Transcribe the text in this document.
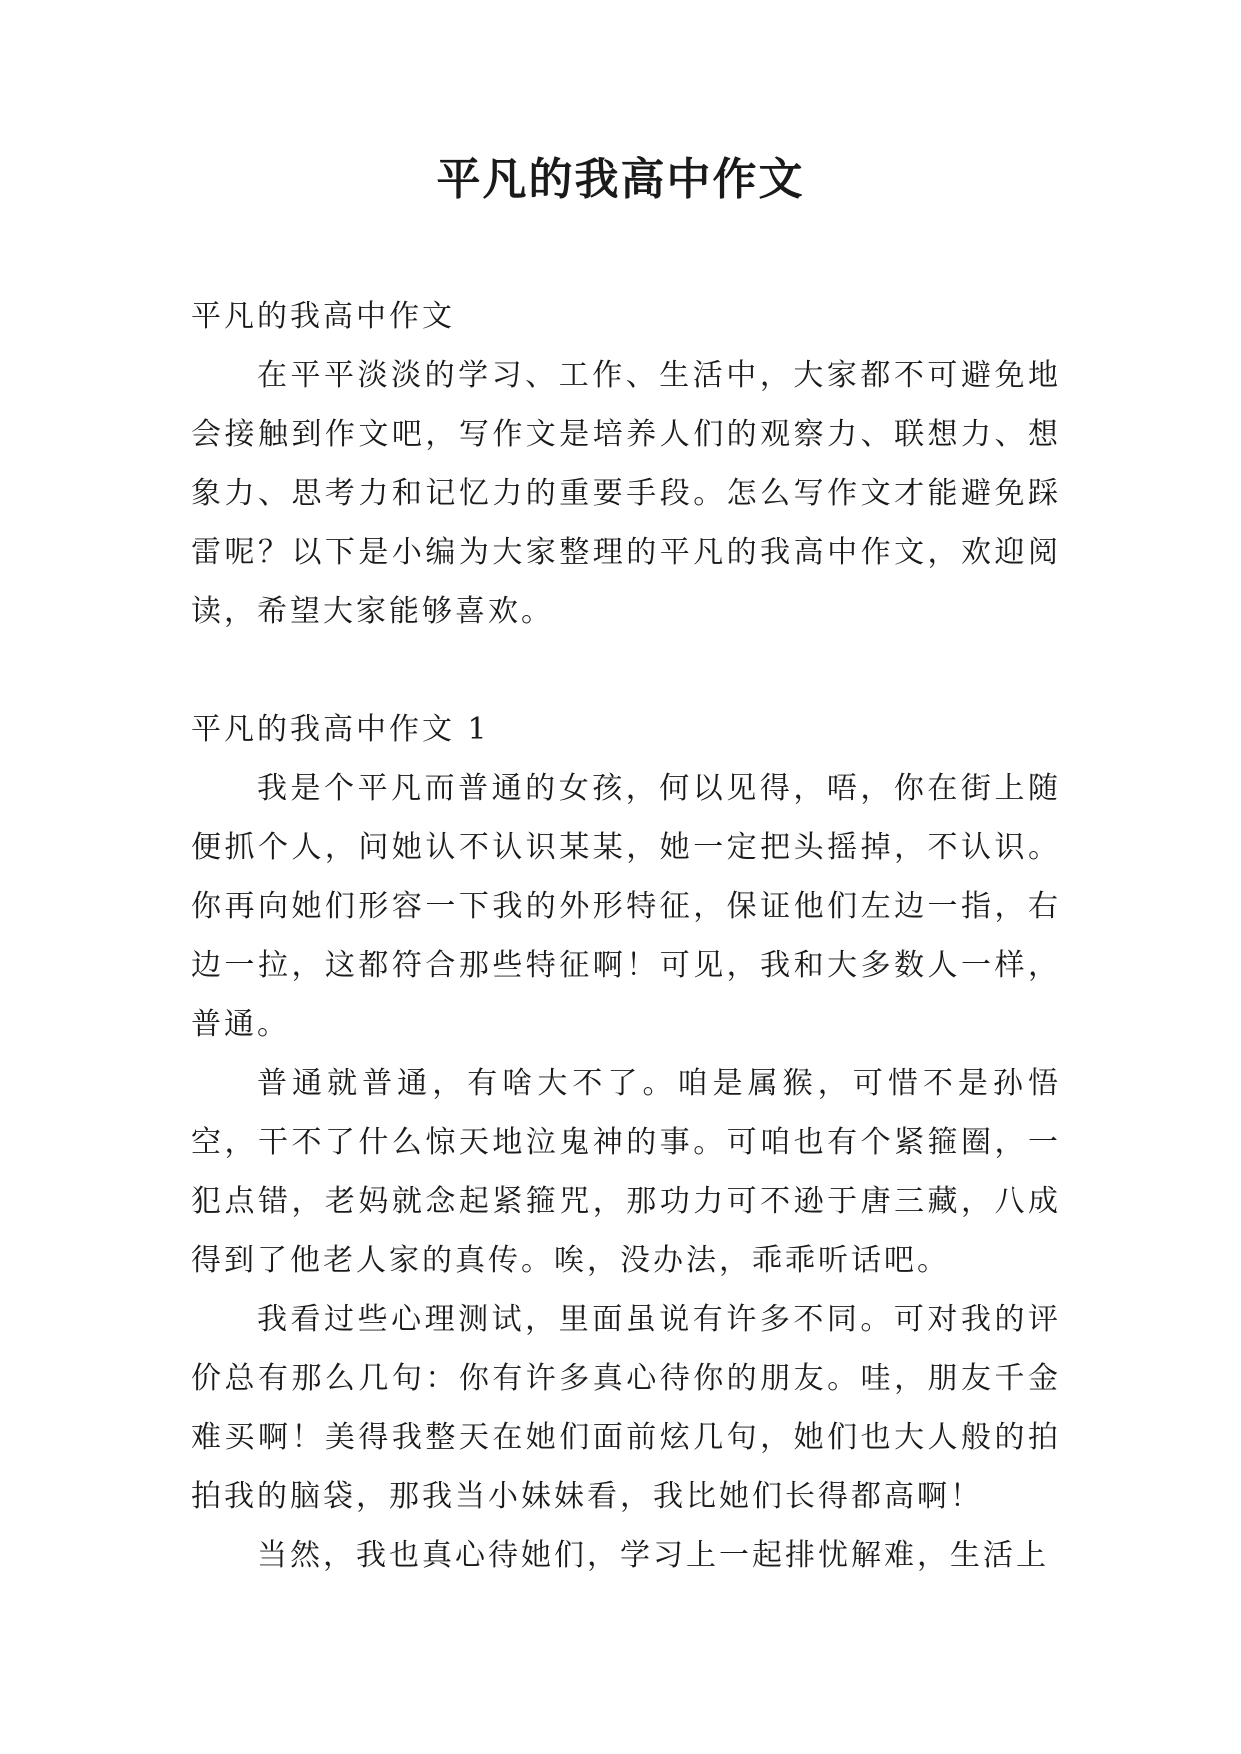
平凡的我高中作文

平凡的我高中作文

在平平淡淡的学习、工作、生活中，大家都不可避免地会接触到作文吧，写作文是培养人们的观察力、联想力、想象力、思考力和记忆力的重要手段。怎么写作文才能避免踩雷呢？以下是小编为大家整理的平凡的我高中作文，欢迎阅读，希望大家能够喜欢。

平凡的我高中作文 1

我是个平凡而普通的女孩，何以见得，唔，你在街上随便抓个人，问她认不认识某某，她一定把头摇掉，不认识。你再向她们形容一下我的外形特征，保证他们左边一指，右边一拉，这都符合那些特征啊！可见，我和大多数人一样，普通。

普通就普通，有啥大不了。咱是属猴，可惜不是孙悟空，干不了什么惊天地泣鬼神的事。可咱也有个紧箍圈，一犯点错，老妈就念起紧箍咒，那功力可不逊于唐三藏，八成得到了他老人家的真传。唉，没办法，乖乖听话吧。

我看过些心理测试，里面虽说有许多不同。可对我的评价总有那么几句：你有许多真心待你的朋友。哇，朋友千金难买啊！美得我整天在她们面前炫几句，她们也大人般的拍拍我的脑袋，那我当小妹妹看，我比她们长得都高啊！

当然，我也真心待她们，学习上一起排忧解难，生活上
